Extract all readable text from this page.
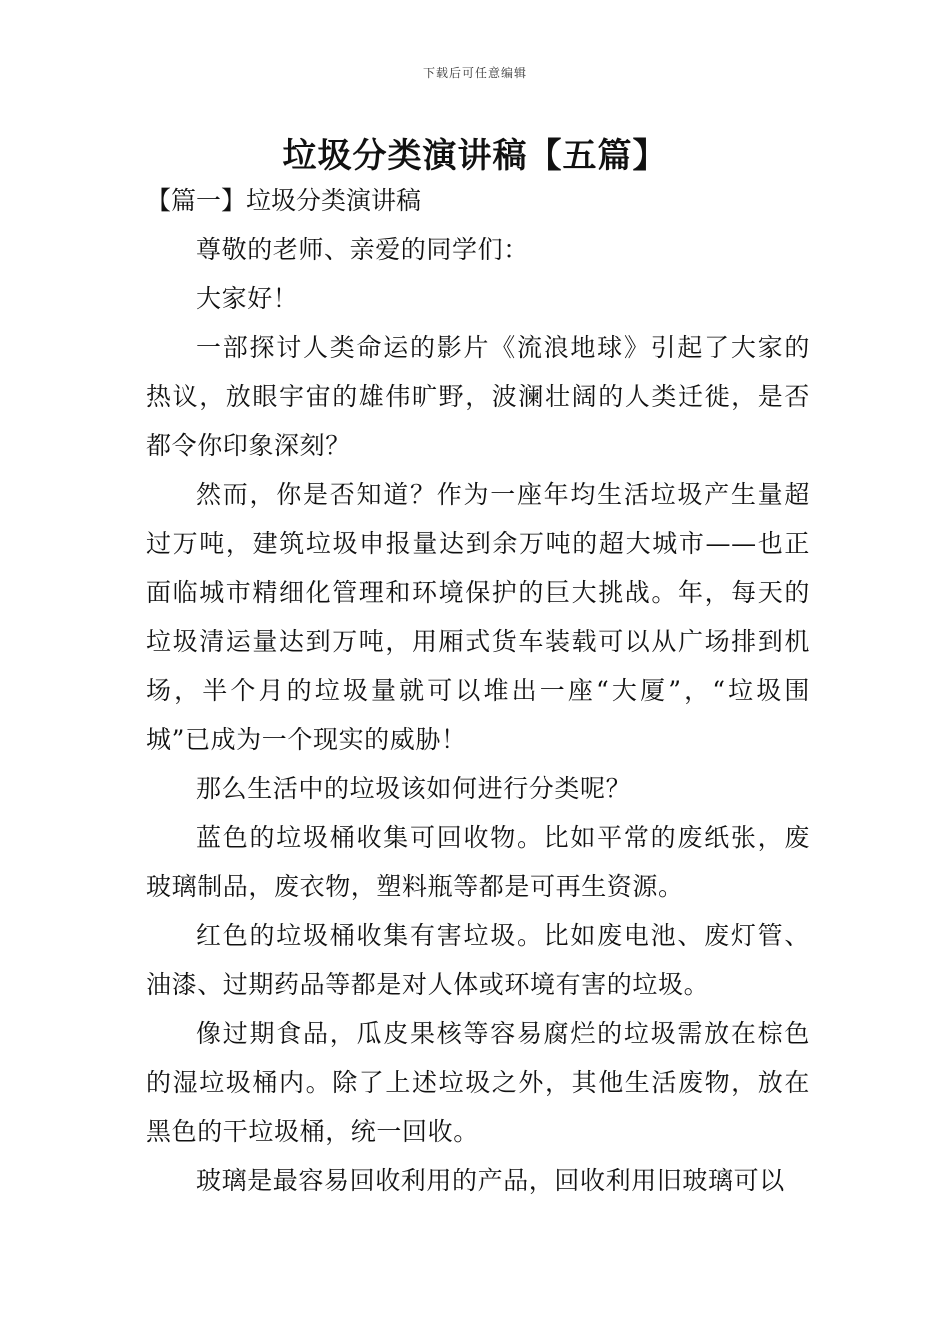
下载后可任意编辑
垃圾分类演讲稿【五篇】

【篇一】垃圾分类演讲稿

尊敬的老师、亲爱的同学们：

大家好！

一部探讨人类命运的影片《流浪地球》引起了大家的热议，放眼宇宙的雄伟旷野，波澜壮阔的人类迁徙，是否都令你印象深刻？

然而，你是否知道？作为一座年均生活垃圾产生量超过万吨，建筑垃圾申报量达到余万吨的超大城市——也正面临城市精细化管理和环境保护的巨大挑战。年，每天的垃圾清运量达到万吨，用厢式货车装载可以从广场排到机场，半个月的垃圾量就可以堆出一座“大厦”，“垃圾围城”已成为一个现实的威胁！

那么生活中的垃圾该如何进行分类呢？

蓝色的垃圾桶收集可回收物。比如平常的废纸张，废玻璃制品，废衣物，塑料瓶等都是可再生资源。

红色的垃圾桶收集有害垃圾。比如废电池、废灯管、油漆、过期药品等都是对人体或环境有害的垃圾。

像过期食品，瓜皮果核等容易腐烂的垃圾需放在棕色的湿垃圾桶内。除了上述垃圾之外，其他生活废物，放在黑色的干垃圾桶，统一回收。

玻璃是最容易回收利用的产品，回收利用旧玻璃可以
